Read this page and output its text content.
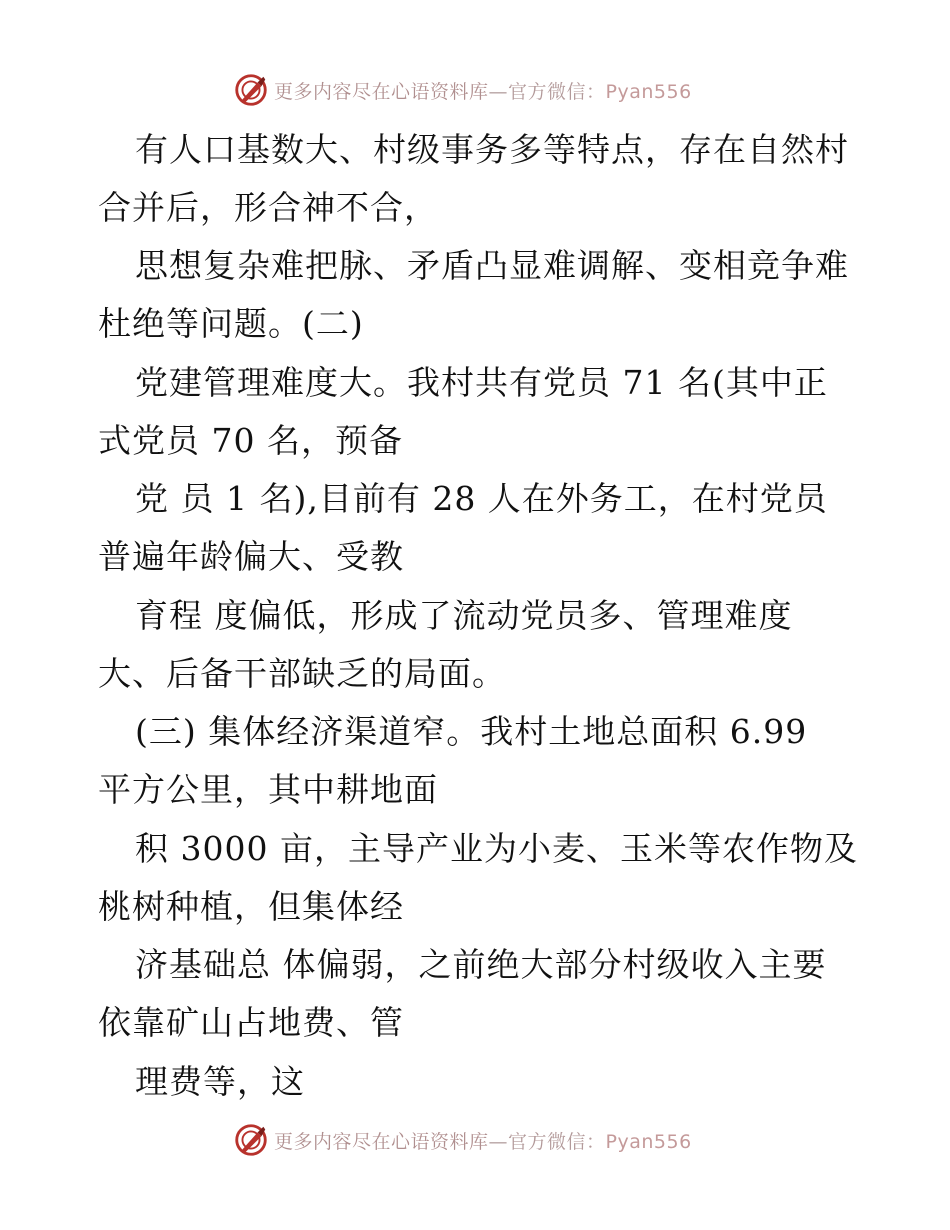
更多内容尽在心语资料库—官方微信：Pyan556
有人口基数大、村级事务多等特点，存在自然村
合并后，形合神不合，
思想复杂难把脉、矛盾凸显难调解、变相竞争难
杜绝等问题。(二)
党建管理难度大。我村共有党员 71 名(其中正
式党员 70 名，预备
党 员 1 名),目前有 28 人在外务工，在村党员
普遍年龄偏大、受教
育程 度偏低，形成了流动党员多、管理难度
大、后备干部缺乏的局面。
(三) 集体经济渠道窄。我村土地总面积 6.99
平方公里，其中耕地面
积 3000 亩，主导产业为小麦、玉米等农作物及
桃树种植，但集体经
济基础总 体偏弱，之前绝大部分村级收入主要
依靠矿山占地费、管
理费等，这
更多内容尽在心语资料库—官方微信：Pyan556
